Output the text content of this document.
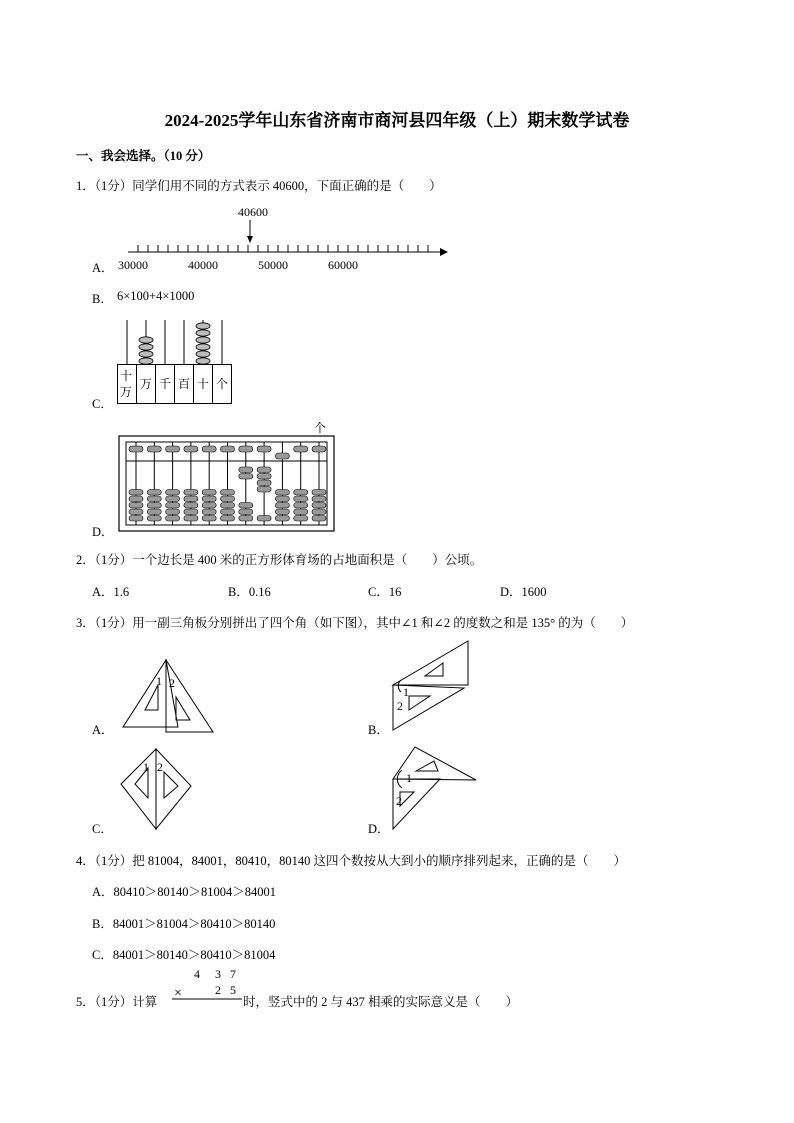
2024-2025学年山东省济南市商河县四年级（上）期末数学试卷
一、我会选择。（10 分）
1．（1分）同学们用不同的方式表示 40600，下面正确的是（　　）
A．
40600
30000	40000	50000	60000
B． 6×100+4×1000
C．
十
万
万 千 百 十 个
D．
个
2．（1分）一个边长是 400 米的正方形体育场的占地面积是（　　）公顷。
A．1.6	B．0.16	C．16	D．1600
3．（1分）用一副三角板分别拼出了四个角（如下图），其中∠1 和∠2 的度数之和是 135° 的为（　　）
A．
1 2
B．
1
2
C．
1 2
D．
1
2
4．（1分）把 81004，84001，80410，80140 这四个数按从大到小的顺序排列起来，正确的是（　　）
A．80410＞80140＞81004＞84001
B．84001＞81004＞80410＞80140
C．84001＞80140＞80410＞81004
5．（1分）计算
4 3 7
×	2 5
时，竖式中的 2 与 437 相乘的实际意义是（　　）
